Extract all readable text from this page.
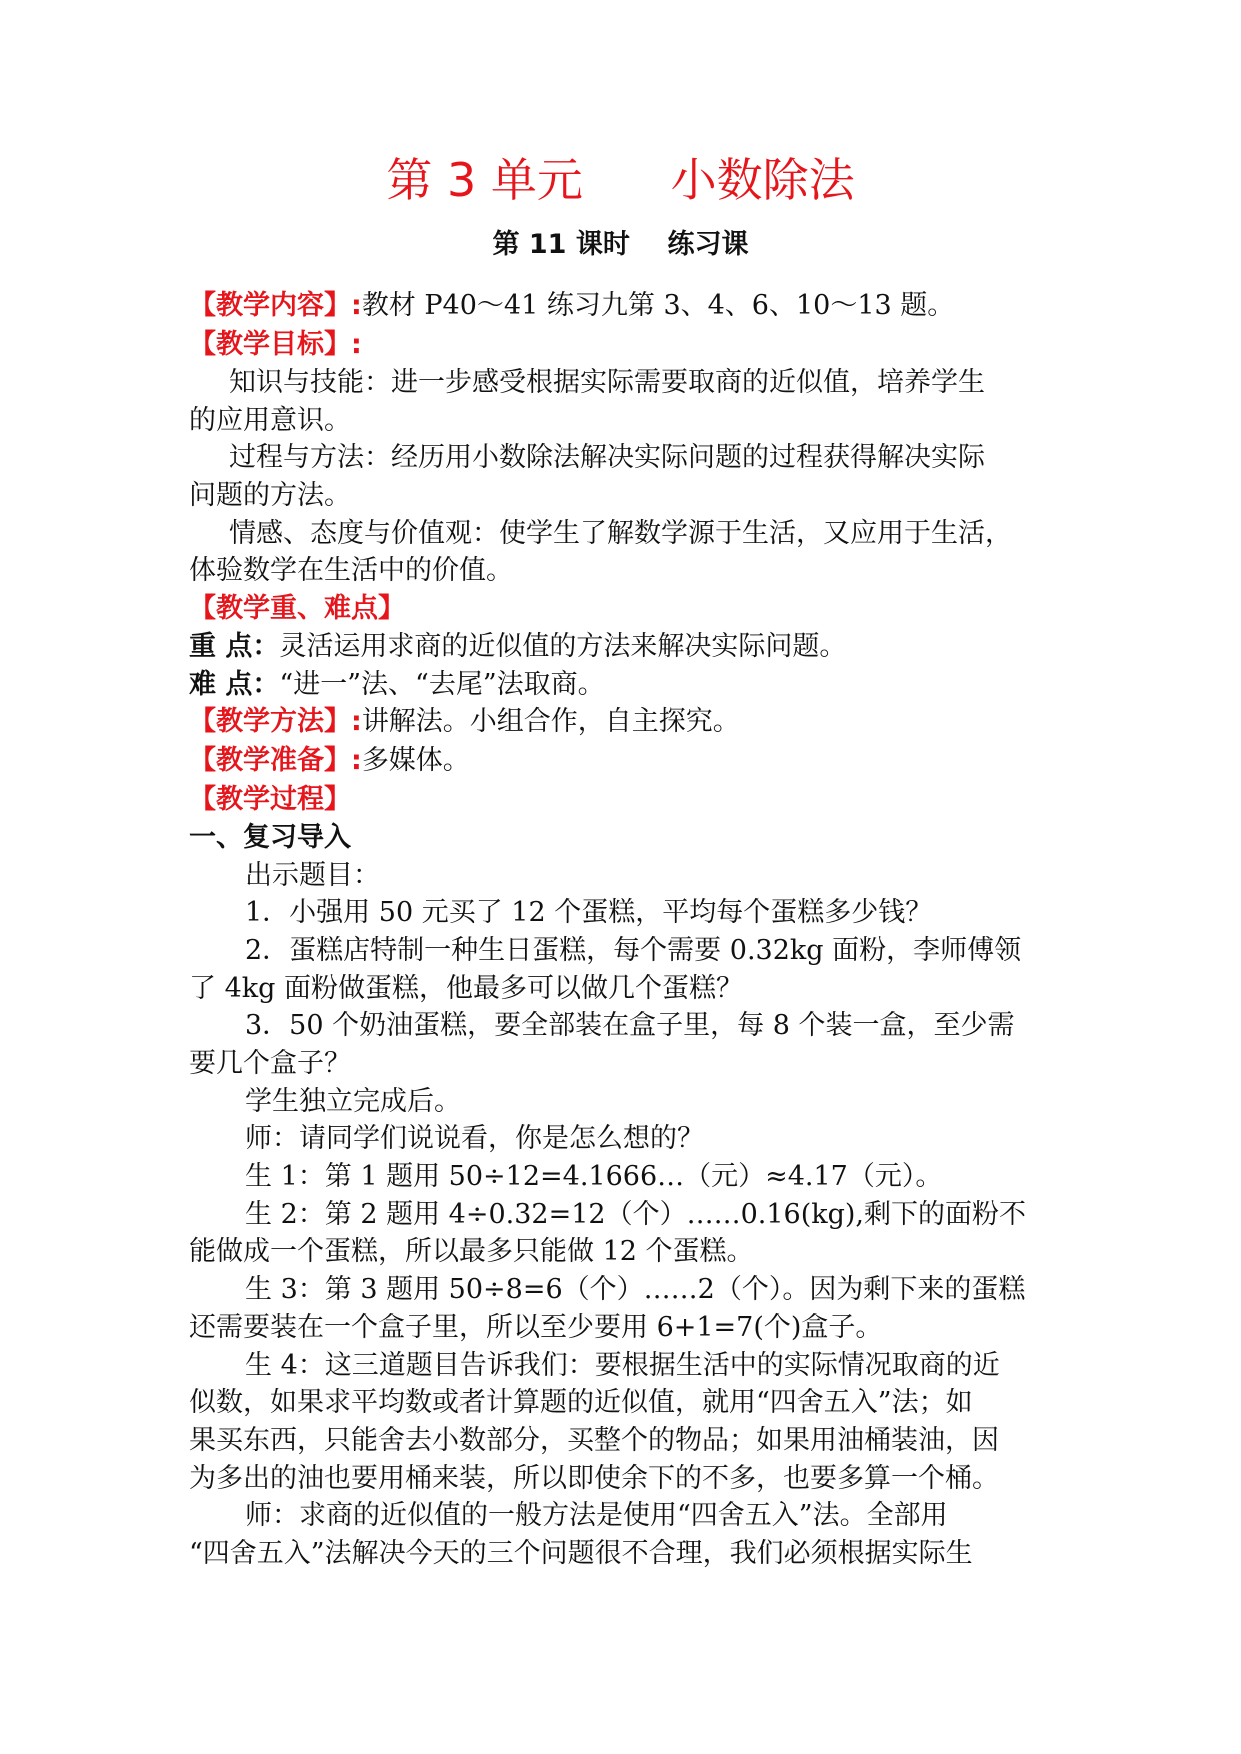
第 3 单元      小数除法
第 11 课时    练习课
【教学内容】:教材 P40～41 练习九第 3、4、6、10～13 题。
【教学目标】:
知识与技能：进一步感受根据实际需要取商的近似值，培养学生
的应用意识。
过程与方法：经历用小数除法解决实际问题的过程获得解决实际
问题的方法。
情感、态度与价值观：使学生了解数学源于生活，又应用于生活，
体验数学在生活中的价值。
【教学重、难点】
重 点：灵活运用求商的近似值的方法来解决实际问题。
难 点：“进一”法、“去尾”法取商。
【教学方法】:讲解法。小组合作，自主探究。
【教学准备】:多媒体。
【教学过程】
一、复习导入
出示题目：
1．小强用 50 元买了 12 个蛋糕，平均每个蛋糕多少钱？
2．蛋糕店特制一种生日蛋糕，每个需要 0.32kg 面粉，李师傅领
了 4kg 面粉做蛋糕，他最多可以做几个蛋糕？
3．50 个奶油蛋糕，要全部装在盒子里，每 8 个装一盒，至少需
要几个盒子？
学生独立完成后。
师：请同学们说说看，你是怎么想的？
生 1：第 1 题用 50÷12=4.1666…（元）≈4.17（元）。
生 2：第 2 题用 4÷0.32=12（个）……0.16(kg),剩下的面粉不
能做成一个蛋糕，所以最多只能做 12 个蛋糕。
生 3：第 3 题用 50÷8=6（个）……2（个）。因为剩下来的蛋糕
还需要装在一个盒子里，所以至少要用 6+1=7(个)盒子。
生 4：这三道题目告诉我们：要根据生活中的实际情况取商的近
似数，如果求平均数或者计算题的近似值，就用“四舍五入”法；如
果买东西，只能舍去小数部分，买整个的物品；如果用油桶装油，因
为多出的油也要用桶来装，所以即使余下的不多，也要多算一个桶。
师：求商的近似值的一般方法是使用“四舍五入”法。全部用
“四舍五入”法解决今天的三个问题很不合理，我们必须根据实际生
